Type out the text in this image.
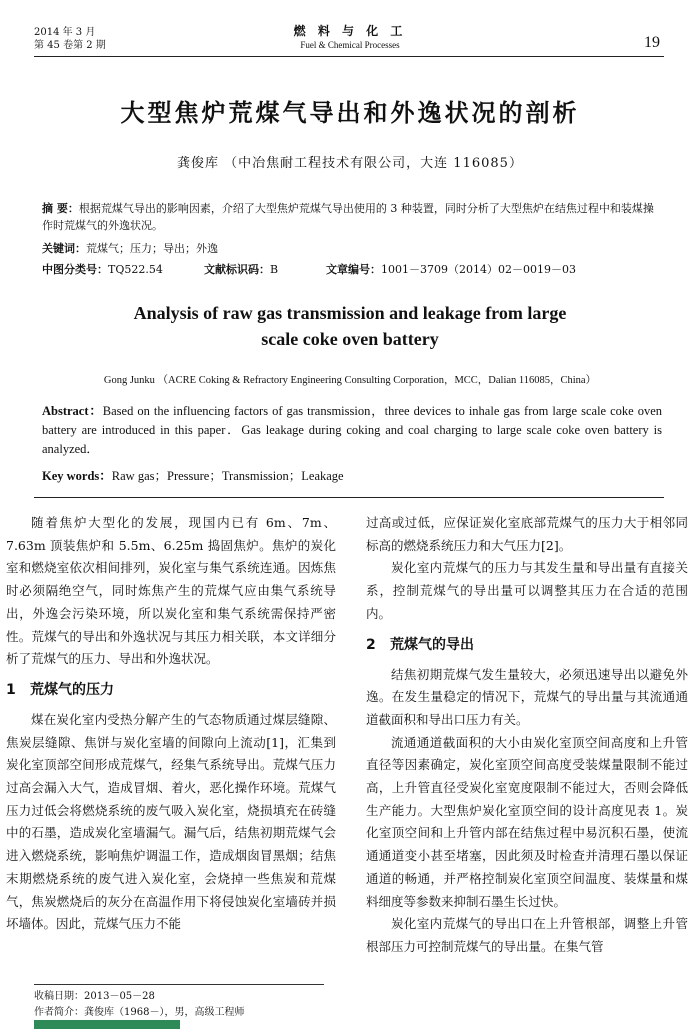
2014 年 3 月
第 45 卷第 2 期
燃 料 与 化 工
Fuel & Chemical Processes	19
大型焦炉荒煤气导出和外逸状况的剖析
龚俊库 （中冶焦耐工程技术有限公司，大连 116085）
摘 要：根据荒煤气导出的影响因素，介绍了大型焦炉荒煤气导出使用的 3 种装置，同时分析了大型焦炉在结焦过程中和装煤操作时荒煤气的外逸状况。
关键词：荒煤气；压力；导出；外逸
中图分类号：TQ522.54	文献标识码：B	文章编号：1001－3709（2014）02－0019－03
Analysis of raw gas transmission and leakage from large scale coke oven battery
Gong Junku （ACRE Coking & Refractory Engineering Consulting Corporation，MCC，Dalian 116085，China）
Abstract：Based on the influencing factors of gas transmission，three devices to inhale gas from large scale coke oven battery are introduced in this paper．Gas leakage during coking and coal charging to large scale coke oven battery is analyzed．
Key words：Raw gas；Pressure；Transmission；Leakage

随着焦炉大型化的发展，现国内已有 6m、7m、7.63m 顶装焦炉和 5.5m、6.25m 捣固焦炉。焦炉的炭化室和燃烧室依次相间排列，炭化室与集气系统连通。因炼焦时必须隔绝空气，同时炼焦产生的荒煤气应由集气系统导出，外逸会污染环境，所以炭化室和集气系统需保持严密性。荒煤气的导出和外逸状况与其压力相关联，本文详细分析了荒煤气的压力、导出和外逸状况。

1 荒煤气的压力

煤在炭化室内受热分解产生的气态物质通过煤层缝隙、焦炭层缝隙、焦饼与炭化室墙的间隙向上流动[1]，汇集到炭化室顶部空间形成荒煤气，经集气系统导出。荒煤气压力过高会漏入大气，造成冒烟、着火，恶化操作环境。荒煤气压力过低会将燃烧系统的废气吸入炭化室，烧损填充在砖缝中的石墨，造成炭化室墙漏气。漏气后，结焦初期荒煤气会进入燃烧系统，影响焦炉调温工作，造成烟囱冒黑烟；结焦末期燃烧系统的废气进入炭化室，会烧掉一些焦炭和荒煤气，焦炭燃烧后的灰分在高温作用下将侵蚀炭化室墙砖并损坏墙体。因此，荒煤气压力不能

过高或过低，应保证炭化室底部荒煤气的压力大于相邻同标高的燃烧系统压力和大气压力[2]。

炭化室内荒煤气的压力与其发生量和导出量有直接关系，控制荒煤气的导出量可以调整其压力在合适的范围内。

2 荒煤气的导出

结焦初期荒煤气发生量较大，必须迅速导出以避免外逸。在发生量稳定的情况下，荒煤气的导出量与其流通通道截面积和导出口压力有关。

流通通道截面积的大小由炭化室顶空间高度和上升管直径等因素确定，炭化室顶空间高度受装煤量限制不能过高，上升管直径受炭化室宽度限制不能过大，否则会降低生产能力。大型焦炉炭化室顶空间的设计高度见表 1。炭化室顶空间和上升管内部在结焦过程中易沉积石墨，使流通通道变小甚至堵塞，因此须及时检查并清理石墨以保证通道的畅通，并严格控制炭化室顶空间温度、装煤量和煤料细度等参数来抑制石墨生长过快。

炭化室内荒煤气的导出口在上升管根部，调整上升管根部压力可控制荒煤气的导出量。在集气管

收稿日期：2013－05－28
作者简介：龚俊库（1968－），男，高级工程师
